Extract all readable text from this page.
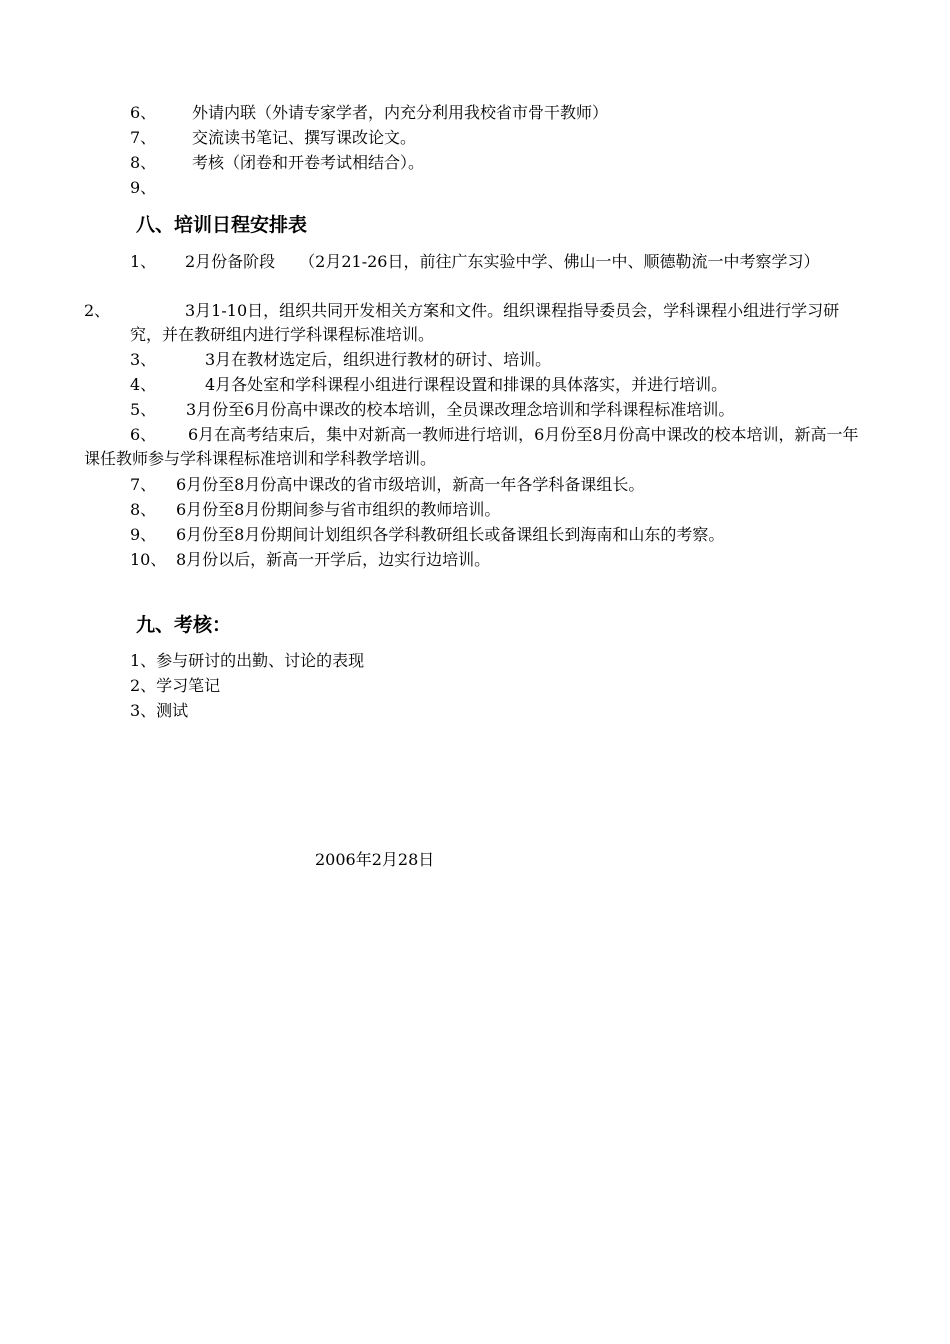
6、 外请内联（外请专家学者，内充分利用我校省市骨干教师）
7、 交流读书笔记、撰写课改论文。
8、 考核（闭卷和开卷考试相结合）。
9、
八、培训日程安排表
1、 2月份备阶段　　（2月21-26日，前往广东实验中学、佛山一中、顺德勒流一中考察学习）
2、	3月1-10日，组织共同开发相关方案和文件。组织课程指导委员会，学科课程小组进行学习研究，并在教研组内进行学科课程标准培训。
3、	3月在教材选定后，组织进行教材的研讨、培训。
4、	4月各处室和学科课程小组进行课程设置和排课的具体落实，并进行培训。
5、 3月份至6月份高中课改的校本培训，全员课改理念培训和学科课程标准培训。
6、 6月在高考结束后，集中对新高一教师进行培训，6月份至8月份高中课改的校本培训，新高一年课任教师参与学科课程标准培训和学科教学培训。
7、 6月份至8月份高中课改的省市级培训，新高一年各学科备课组长。
8、 6月份至8月份期间参与省市组织的教师培训。
9、 6月份至8月份期间计划组织各学科教研组长或备课组长到海南和山东的考察。
10、 8月份以后，新高一开学后，边实行边培训。
九、考核：
1、参与研讨的出勤、讨论的表现
2、学习笔记
3、测试
2006年2月28日
